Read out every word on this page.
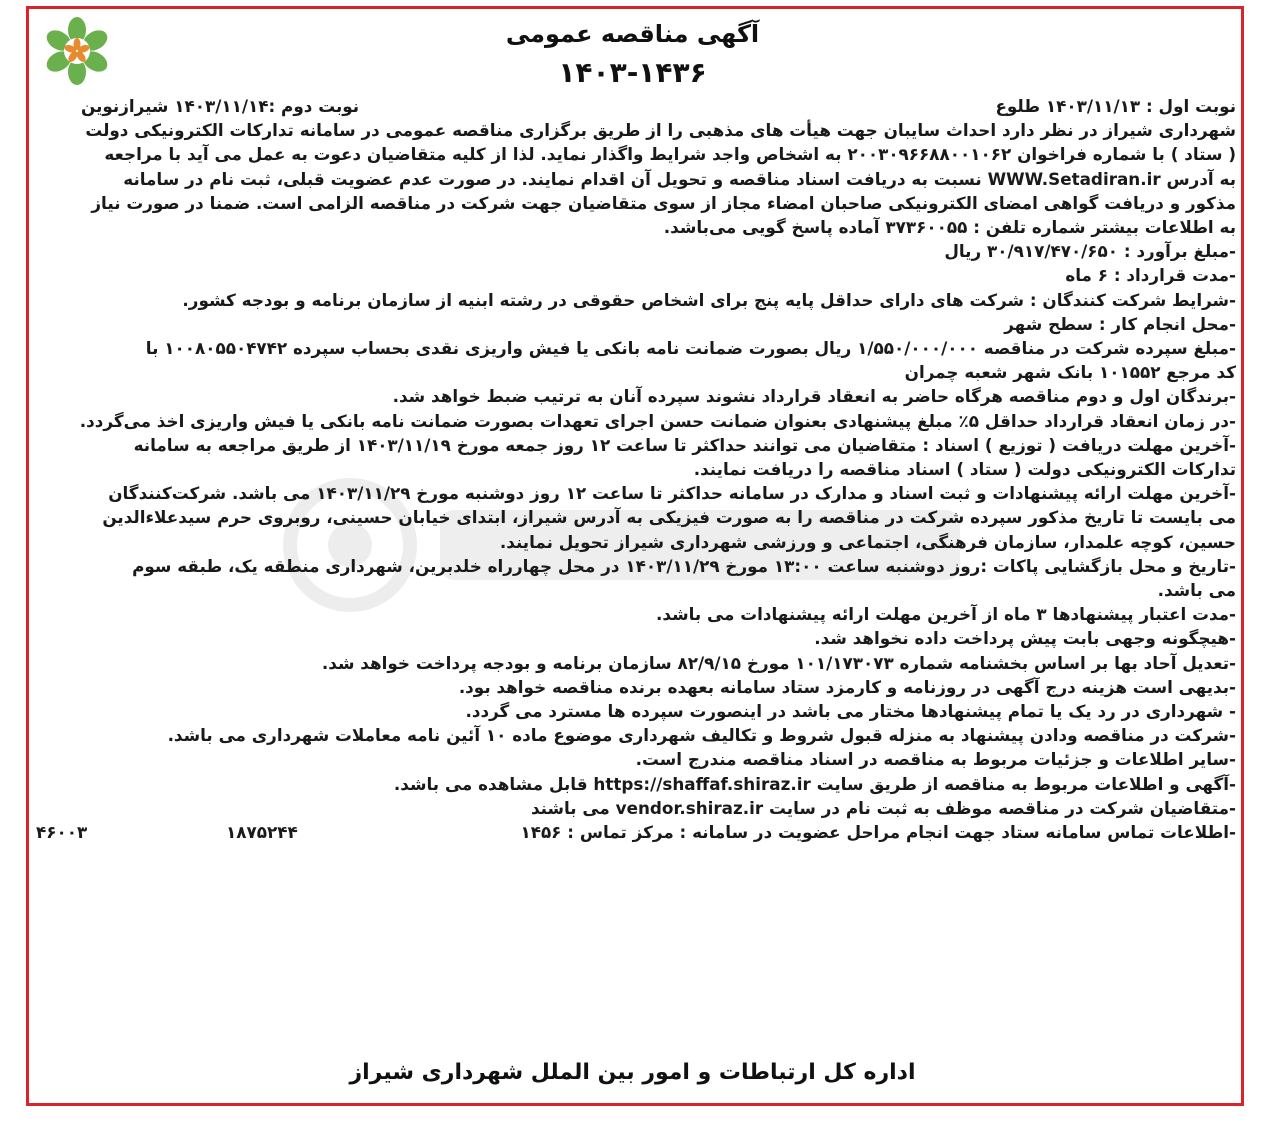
آگهی مناقصه عمومی
۱۴۰۳-۱۴۳۶
نوبت اول : ۱۴۰۳/۱۱/۱۳ طلوع
نوبت دوم :۱۴۰۳/۱۱/۱۴ شیرازنوین
شهرداری شیراز در نظر دارد احداث سایبان جهت هیأت های مذهبی را از طریق برگزاری مناقصه عمومی در سامانه تدارکات الکترونیکی دولت
( ستاد ) با شماره فراخوان ۲۰۰۳۰۹۶۶۸۸۰۰۱۰۶۲ به اشخاص واجد شرایط واگذار نماید. لذا از کلیه متقاضیان دعوت به عمل می آید با مراجعه
به آدرس WWW.Setadiran.ir نسبت به دریافت اسناد مناقصه و تحویل آن اقدام نمایند. در صورت عدم عضویت قبلی، ثبت نام در سامانه
مذکور و دریافت گواهی امضای الکترونیکی صاحبان امضاء مجاز از سوی متقاضیان جهت شرکت در مناقصه الزامی است. ضمنا در صورت نیاز
به اطلاعات بیشتر شماره تلفن : ۳۷۳۶۰۰۵۵ آماده پاسخ گویی می‌باشد.
-مبلغ برآورد : ۳۰/۹۱۷/۴۷۰/۶۵۰ ریال
-مدت قرارداد : ۶ ماه
-شرایط شرکت کنندگان : شرکت های دارای حداقل پایه پنج برای اشخاص حقوقی در رشته ابنیه از سازمان برنامه و بودجه کشور.
-محل انجام کار : سطح شهر
-مبلغ سپرده شرکت در مناقصه ۱/۵۵۰/۰۰۰/۰۰۰ ریال بصورت ضمانت نامه بانکی یا فیش واریزی نقدی بحساب سپرده ۱۰۰۸۰۵۵۰۴۷۴۲ با
کد مرجع ۱۰۱۵۵۲ بانک شهر شعبه چمران
-برندگان اول و دوم مناقصه هرگاه حاضر به انعقاد قرارداد نشوند سپرده آنان به ترتیب ضبط خواهد شد.
-در زمان انعقاد قرارداد حداقل ۵٪ مبلغ پیشنهادی بعنوان ضمانت حسن اجرای تعهدات بصورت ضمانت نامه بانکی یا فیش واریزی اخذ می‌گردد.
-آخرین مهلت دریافت ( توزیع ) اسناد : متقاضیان می توانند حداکثر تا ساعت ۱۲ روز جمعه مورخ ۱۴۰۳/۱۱/۱۹ از طریق مراجعه به سامانه
تدارکات الکترونیکی دولت ( ستاد ) اسناد مناقصه را دریافت نمایند.
-آخرین مهلت ارائه پیشنهادات و ثبت اسناد و مدارک در سامانه حداکثر تا ساعت ۱۲ روز دوشنبه مورخ ۱۴۰۳/۱۱/۲۹ می باشد. شرکت‌کنندگان
می بایست تا تاریخ مذکور سپرده شرکت در مناقصه را به صورت فیزیکی به آدرس شیراز، ابتدای خیابان حسینی، روبروی حرم سیدعلاءالدین
حسین، کوچه علمدار، سازمان فرهنگی، اجتماعی و ورزشی شهرداری شیراز تحویل نمایند.
-تاریخ و محل بازگشایی پاکات :روز دوشنبه ساعت ۱۳:۰۰ مورخ ۱۴۰۳/۱۱/۲۹ در محل چهارراه خلدبرین، شهرداری منطقه یک، طبقه سوم
می باشد.
-مدت اعتبار پیشنهادها ۳ ماه از آخرین مهلت ارائه پیشنهادات می باشد.
-هیچگونه وجهی بابت پیش پرداخت داده نخواهد شد.
-تعدیل آحاد بها بر اساس بخشنامه شماره ۱۰۱/۱۷۳۰۷۳ مورخ ۸۲/۹/۱۵ سازمان برنامه و بودجه پرداخت خواهد شد.
-بدیهی است هزینه درج آگهی در روزنامه و کارمزد ستاد سامانه بعهده برنده مناقصه خواهد بود.
- شهرداری در رد یک یا تمام پیشنهادها مختار می باشد در اینصورت سپرده ها مسترد می گردد.
-شرکت در مناقصه ودادن پیشنهاد به منزله قبول شروط و تکالیف شهرداری موضوع ماده ۱۰ آئین نامه معاملات شهرداری می باشد.
-سایر اطلاعات و جزئیات مربوط به مناقصه در اسناد مناقصه مندرج است.
-آگهی و اطلاعات مربوط به مناقصه از طریق سایت https://shaffaf.shiraz.ir قابل مشاهده می باشد.
-متقاضیان شرکت در مناقصه موظف به ثبت نام در سایت vendor.shiraz.ir می باشند
-اطلاعات تماس سامانه ستاد جهت انجام مراحل عضویت در سامانه : مرکز تماس : ۱۴۵۶
۴۶۰۰۳	۱۸۷۵۲۴۴
اداره کل ارتباطات و امور بین الملل شهرداری شیراز
